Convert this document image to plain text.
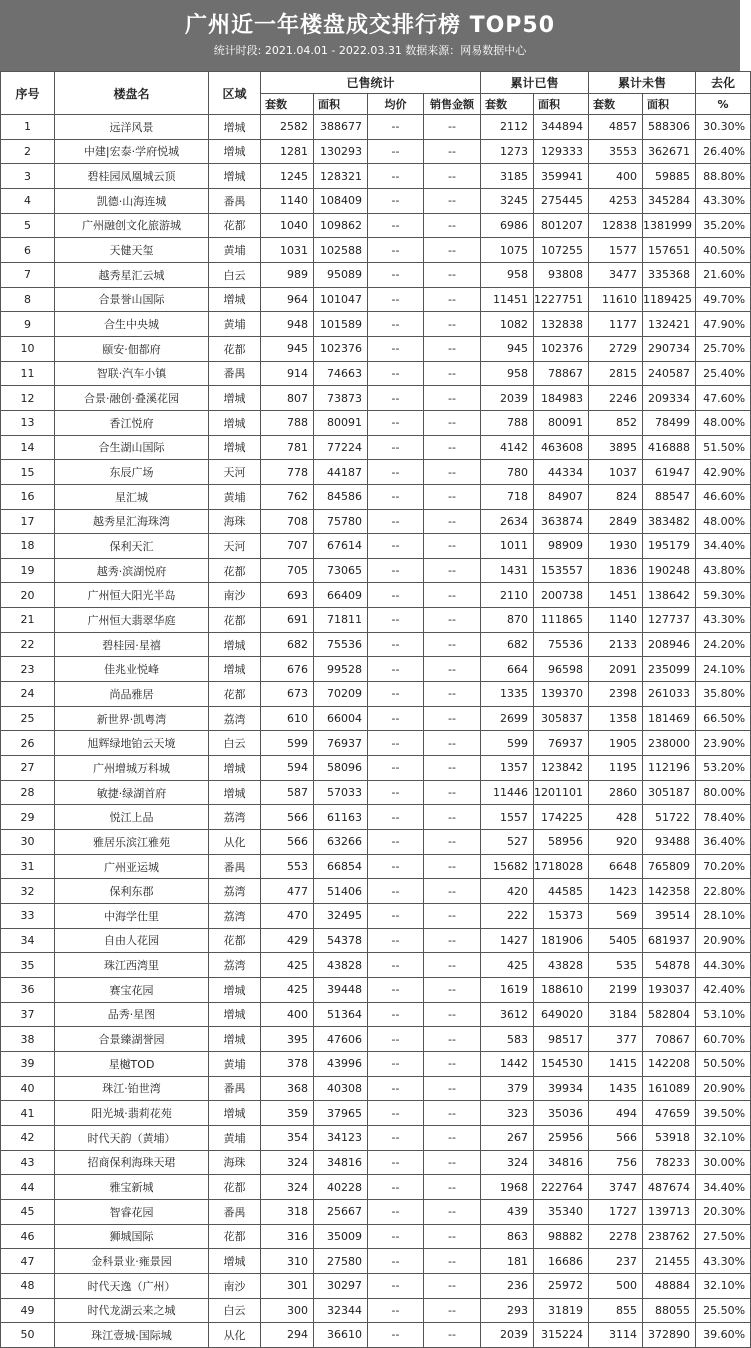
广州近一年楼盘成交排行榜 TOP50
统计时段: 2021.04.01 - 2022.03.31 数据来源：网易数据中心
序号	楼盘名	区域	已售统计				累计已售		累计未售		去化
			套数	面积	均价	销售金额	套数	面积	套数	面积	%
1	远洋风景	增城	2582	388677	--	--	2112	344894	4857	588306	30.30%
2	中建|宏泰·学府悦城	增城	1281	130293	--	--	1273	129333	3553	362671	26.40%
3	碧桂园凤凰城云顶	增城	1245	128321	--	--	3185	359941	400	59885	88.80%
4	凯德·山海连城	番禺	1140	108409	--	--	3245	275445	4253	345284	43.30%
5	广州融创文化旅游城	花都	1040	109862	--	--	6986	801207	12838	1381999	35.20%
6	天健天玺	黄埔	1031	102588	--	--	1075	107255	1577	157651	40.50%
7	越秀星汇云城	白云	989	95089	--	--	958	93808	3477	335368	21.60%
8	合景誉山国际	增城	964	101047	--	--	11451	1227751	11610	1189425	49.70%
9	合生中央城	黄埔	948	101589	--	--	1082	132838	1177	132421	47.90%
10	颐安·佃都府	花都	945	102376	--	--	945	102376	2729	290734	25.70%
11	智联·汽车小镇	番禺	914	74663	--	--	958	78867	2815	240587	25.40%
12	合景·融创·叠溪花园	增城	807	73873	--	--	2039	184983	2246	209334	47.60%
13	香江悦府	增城	788	80091	--	--	788	80091	852	78499	48.00%
14	合生湖山国际	增城	781	77224	--	--	4142	463608	3895	416888	51.50%
15	东辰广场	天河	778	44187	--	--	780	44334	1037	61947	42.90%
16	星汇城	黄埔	762	84586	--	--	718	84907	824	88547	46.60%
17	越秀星汇海珠湾	海珠	708	75780	--	--	2634	363874	2849	383482	48.00%
18	保利天汇	天河	707	67614	--	--	1011	98909	1930	195179	34.40%
19	越秀·滨湖悦府	花都	705	73065	--	--	1431	153557	1836	190248	43.80%
20	广州恒大阳光半岛	南沙	693	66409	--	--	2110	200738	1451	138642	59.30%
21	广州恒大翡翠华庭	花都	691	71811	--	--	870	111865	1140	127737	43.30%
22	碧桂园·星禧	增城	682	75536	--	--	682	75536	2133	208946	24.20%
23	佳兆业悦峰	增城	676	99528	--	--	664	96598	2091	235099	24.10%
24	尚品雅居	花都	673	70209	--	--	1335	139370	2398	261033	35.80%
25	新世界·凯粤湾	荔湾	610	66004	--	--	2699	305837	1358	181469	66.50%
26	旭辉绿地铂云天境	白云	599	76937	--	--	599	76937	1905	238000	23.90%
27	广州增城万科城	增城	594	58096	--	--	1357	123842	1195	112196	53.20%
28	敏捷·绿湖首府	增城	587	57033	--	--	11446	1201101	2860	305187	80.00%
29	悦江上品	荔湾	566	61163	--	--	1557	174225	428	51722	78.40%
30	雅居乐滨江雅苑	从化	566	63266	--	--	527	58956	920	93488	36.40%
31	广州亚运城	番禺	553	66854	--	--	15682	1718028	6648	765809	70.20%
32	保利东郡	荔湾	477	51406	--	--	420	44585	1423	142358	22.80%
33	中海学仕里	荔湾	470	32495	--	--	222	15373	569	39514	28.10%
34	自由人花园	花都	429	54378	--	--	1427	181906	5405	681937	20.90%
35	珠江西湾里	荔湾	425	43828	--	--	425	43828	535	54878	44.30%
36	赛宝花园	增城	425	39448	--	--	1619	188610	2199	193037	42.40%
37	品秀·星图	增城	400	51364	--	--	3612	649020	3184	582804	53.10%
38	合景臻湖誉园	增城	395	47606	--	--	583	98517	377	70867	60.70%
39	星樾TOD	黄埔	378	43996	--	--	1442	154530	1415	142208	50.50%
40	珠江·铂世湾	番禺	368	40308	--	--	379	39934	1435	161089	20.90%
41	阳光城·翡莉花苑	增城	359	37965	--	--	323	35036	494	47659	39.50%
42	时代天韵（黄埔）	黄埔	354	34123	--	--	267	25956	566	53918	32.10%
43	招商保利海珠天珺	海珠	324	34816	--	--	324	34816	756	78233	30.00%
44	雅宝新城	花都	324	40228	--	--	1968	222764	3747	487674	34.40%
45	智睿花园	番禺	318	25667	--	--	439	35340	1727	139713	20.30%
46	狮城国际	花都	316	35009	--	--	863	98882	2278	238762	27.50%
47	金科景业·雍景园	增城	310	27580	--	--	181	16686	237	21455	43.30%
48	时代天逸（广州）	南沙	301	30297	--	--	236	25972	500	48884	32.10%
49	时代龙湖云来之城	白云	300	32344	--	--	293	31819	855	88055	25.50%
50	珠江壹城·国际城	从化	294	36610	--	--	2039	315224	3114	372890	39.60%
